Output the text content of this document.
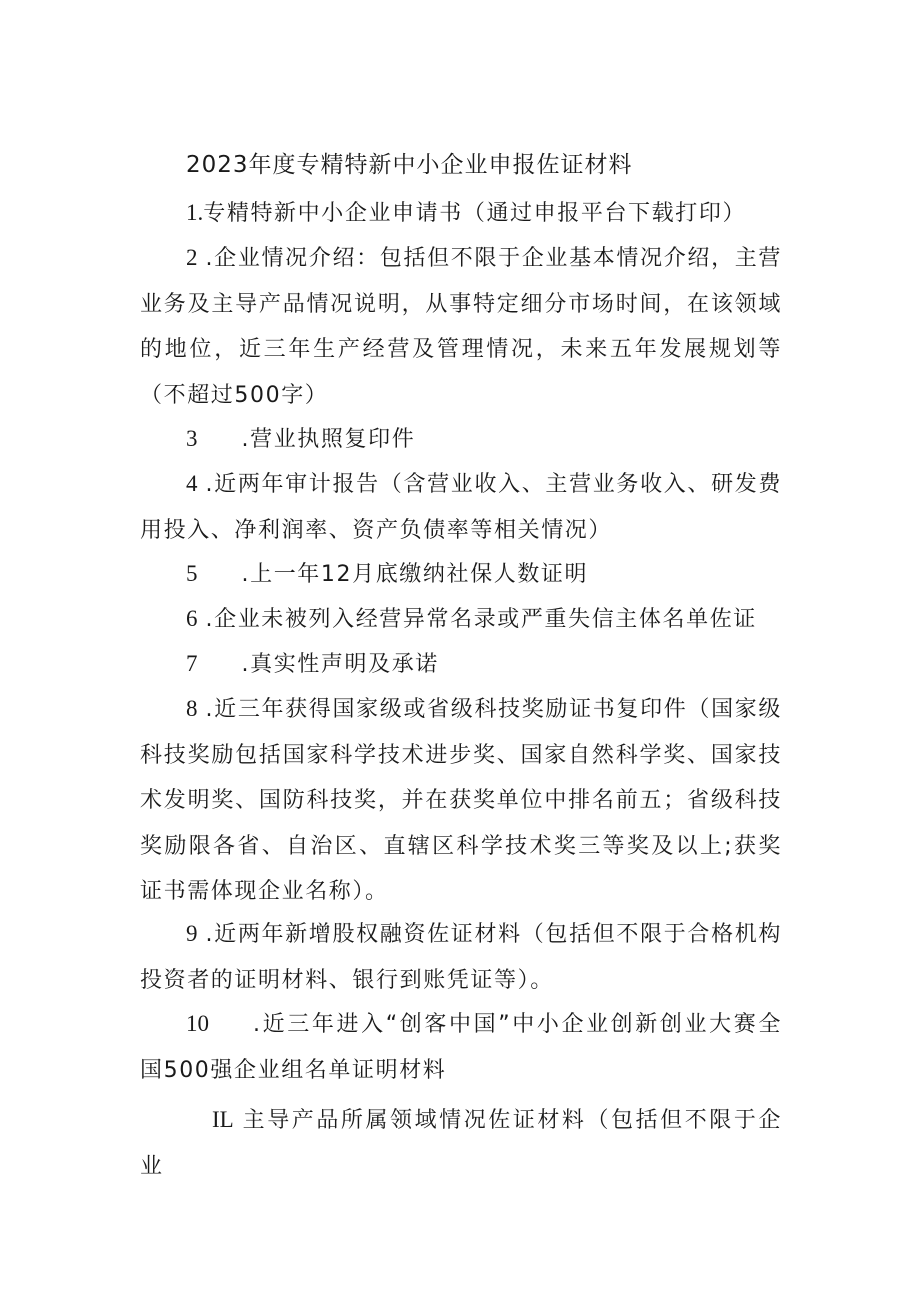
2023年度专精特新中小企业申报佐证材料
1.专精特新中小企业申请书（通过申报平台下载打印）
2 .企业情况介绍：包括但不限于企业基本情况介绍，主营业务及主导产品情况说明，从事特定细分市场时间，在该领域的地位，近三年生产经营及管理情况，未来五年发展规划等（不超过500字）
3 .营业执照复印件
4 .近两年审计报告（含营业收入、主营业务收入、研发费用投入、净利润率、资产负债率等相关情况）
5 .上一年12月底缴纳社保人数证明
6 .企业未被列入经营异常名录或严重失信主体名单佐证
7 .真实性声明及承诺
8 .近三年获得国家级或省级科技奖励证书复印件（国家级科技奖励包括国家科学技术进步奖、国家自然科学奖、国家技术发明奖、国防科技奖，并在获奖单位中排名前五；省级科技奖励限各省、自治区、直辖区科学技术奖三等奖及以上;获奖证书需体现企业名称）。
9 .近两年新增股权融资佐证材料（包括但不限于合格机构投资者的证明材料、银行到账凭证等）。
10 .近三年进入“创客中国”中小企业创新创业大赛全国500强企业组名单证明材料
IL 主导产品所属领域情况佐证材料（包括但不限于企业
